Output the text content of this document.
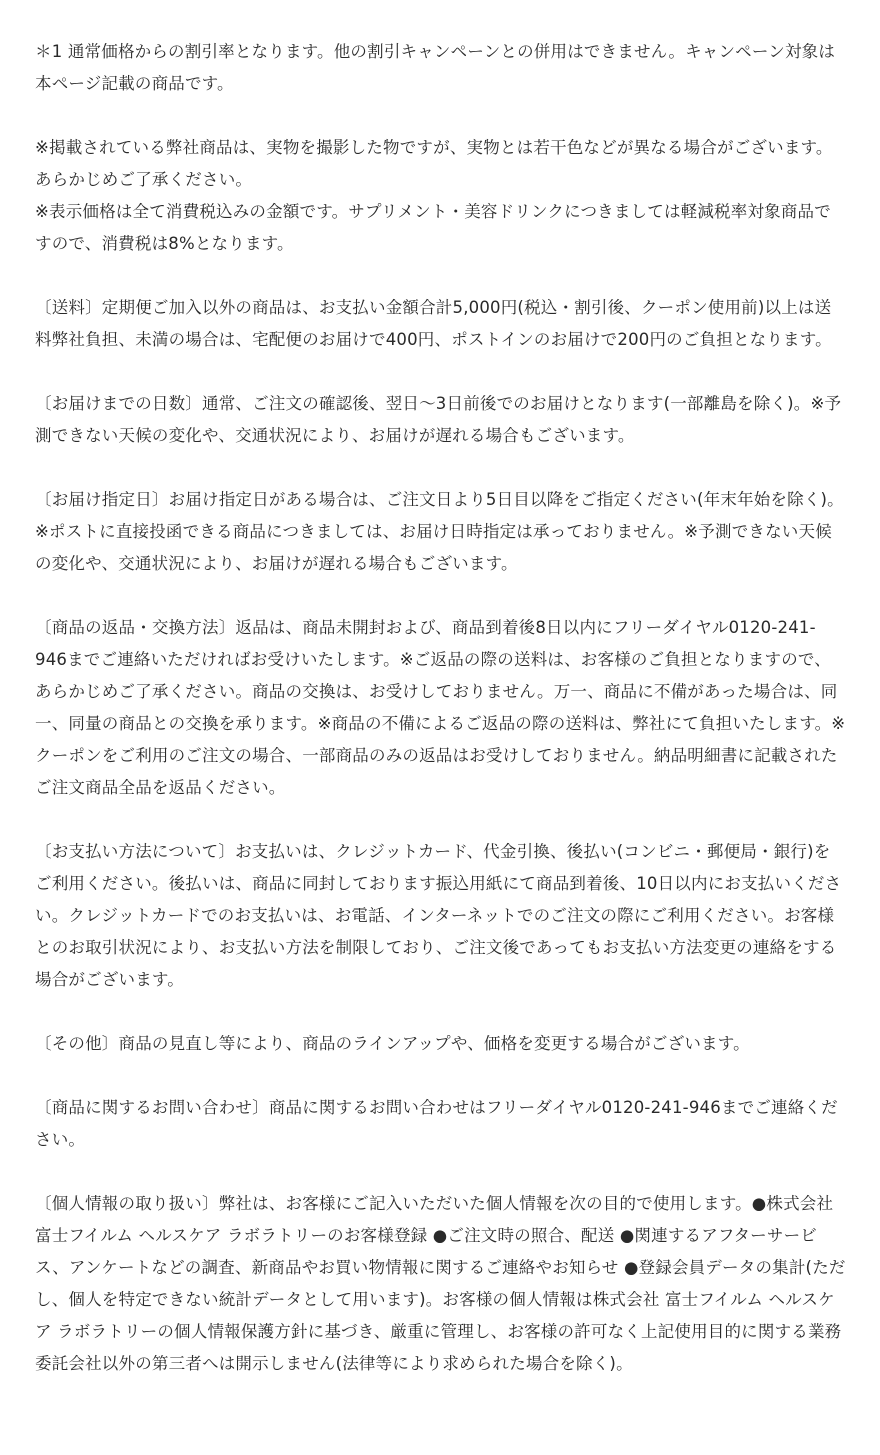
＊1 通常価格からの割引率となります。他の割引キャンペーンとの併用はできません。キャンペーン対象は本ページ記載の商品です。

※掲載されている弊社商品は、実物を撮影した物ですが、実物とは若干色などが異なる場合がございます。あらかじめご了承ください。

※表示価格は全て消費税込みの金額です。サプリメント・美容ドリンクにつきましては軽減税率対象商品ですので、消費税は8%となります。

〔送料〕定期便ご加入以外の商品は、お支払い金額合計5,000円(税込・割引後、クーポン使用前)以上は送料弊社負担、未満の場合は、宅配便のお届けで400円、ポストインのお届けで200円のご負担となります。

〔お届けまでの日数〕通常、ご注文の確認後、翌日〜3日前後でのお届けとなります(一部離島を除く)。※予測できない天候の変化や、交通状況により、お届けが遅れる場合もございます。

〔お届け指定日〕お届け指定日がある場合は、ご注文日より5日目以降をご指定ください(年末年始を除く)。※ポストに直接投函できる商品につきましては、お届け日時指定は承っておりません。※予測できない天候の変化や、交通状況により、お届けが遅れる場合もございます。

〔商品の返品・交換方法〕返品は、商品未開封および、商品到着後8日以内にフリーダイヤル0120-241-946までご連絡いただければお受けいたします。※ご返品の際の送料は、お客様のご負担となりますので、あらかじめご了承ください。商品の交換は、お受けしておりません。万一、商品に不備があった場合は、同一、同量の商品との交換を承ります。※商品の不備によるご返品の際の送料は、弊社にて負担いたします。※クーポンをご利用のご注文の場合、一部商品のみの返品はお受けしておりません。納品明細書に記載されたご注文商品全品を返品ください。

〔お支払い方法について〕お支払いは、クレジットカード、代金引換、後払い(コンビニ・郵便局・銀行)をご利用ください。後払いは、商品に同封しております振込用紙にて商品到着後、10日以内にお支払いください。クレジットカードでのお支払いは、お電話、インターネットでのご注文の際にご利用ください。お客様とのお取引状況により、お支払い方法を制限しており、ご注文後であってもお支払い方法変更の連絡をする場合がございます。

〔その他〕商品の見直し等により、商品のラインアップや、価格を変更する場合がございます。

〔商品に関するお問い合わせ〕商品に関するお問い合わせはフリーダイヤル0120-241-946までご連絡ください。

〔個人情報の取り扱い〕弊社は、お客様にご記入いただいた個人情報を次の目的で使用します。●株式会社 富士フイルム ヘルスケア ラボラトリーのお客様登録 ●ご注文時の照合、配送 ●関連するアフターサービス、アンケートなどの調査、新商品やお買い物情報に関するご連絡やお知らせ ●登録会員データの集計(ただし、個人を特定できない統計データとして用います)。お客様の個人情報は株式会社 富士フイルム ヘルスケア ラボラトリーの個人情報保護方針に基づき、厳重に管理し、お客様の許可なく上記使用目的に関する業務委託会社以外の第三者へは開示しません(法律等により求められた場合を除く)。
